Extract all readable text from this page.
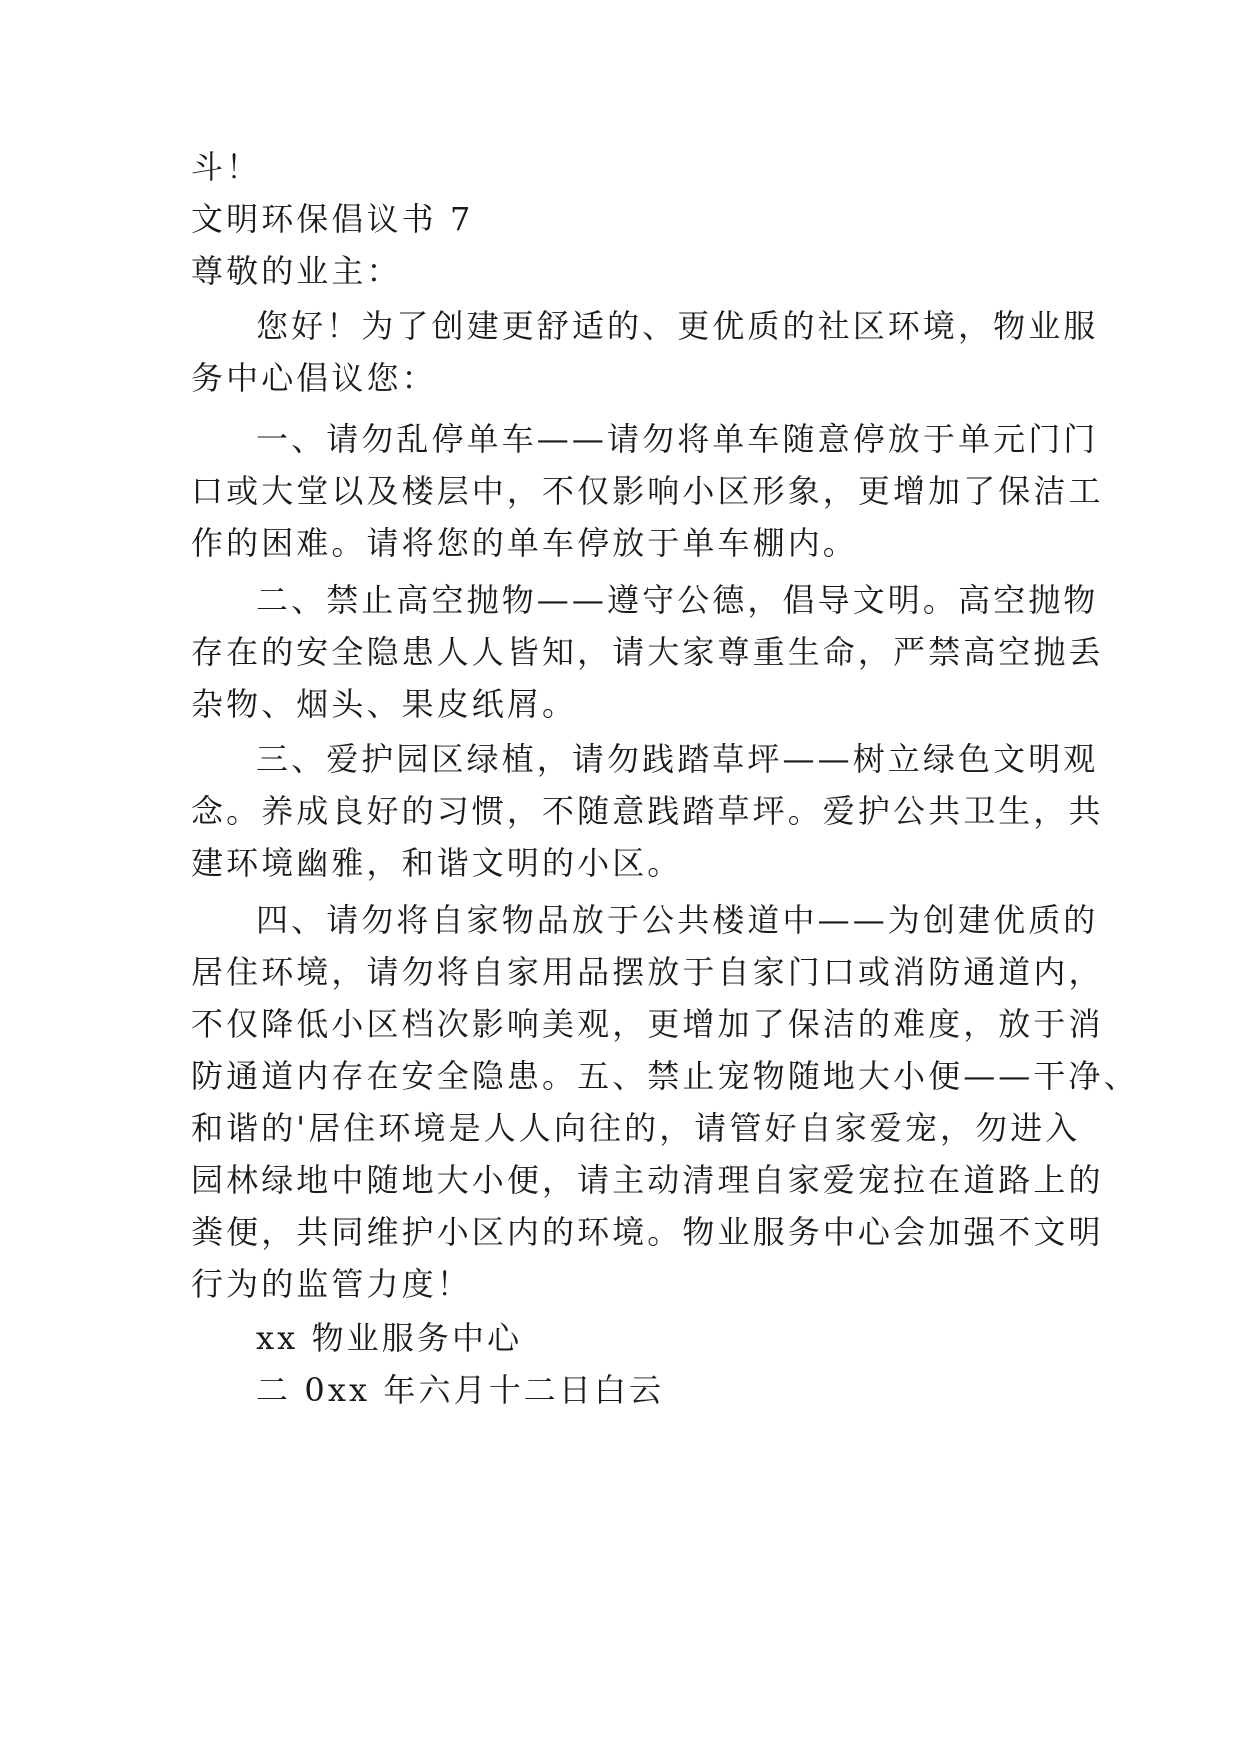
斗！
文明环保倡议书 7
尊敬的业主：
您好！为了创建更舒适的、更优质的社区环境，物业服
务中心倡议您：
一、请勿乱停单车——请勿将单车随意停放于单元门门
口或大堂以及楼层中，不仅影响小区形象，更增加了保洁工
作的困难。请将您的单车停放于单车棚内。
二、禁止高空抛物——遵守公德，倡导文明。高空抛物
存在的安全隐患人人皆知，请大家尊重生命，严禁高空抛丢
杂物、烟头、果皮纸屑。
三、爱护园区绿植，请勿践踏草坪——树立绿色文明观
念。养成良好的习惯，不随意践踏草坪。爱护公共卫生，共
建环境幽雅，和谐文明的小区。
四、请勿将自家物品放于公共楼道中——为创建优质的
居住环境，请勿将自家用品摆放于自家门口或消防通道内，
不仅降低小区档次影响美观，更增加了保洁的难度，放于消
防通道内存在安全隐患。五、禁止宠物随地大小便——干净、
和谐的'居住环境是人人向往的，请管好自家爱宠，勿进入
园林绿地中随地大小便，请主动清理自家爱宠拉在道路上的
粪便，共同维护小区内的环境。物业服务中心会加强不文明
行为的监管力度！
xx 物业服务中心
二 0xx 年六月十二日白云
